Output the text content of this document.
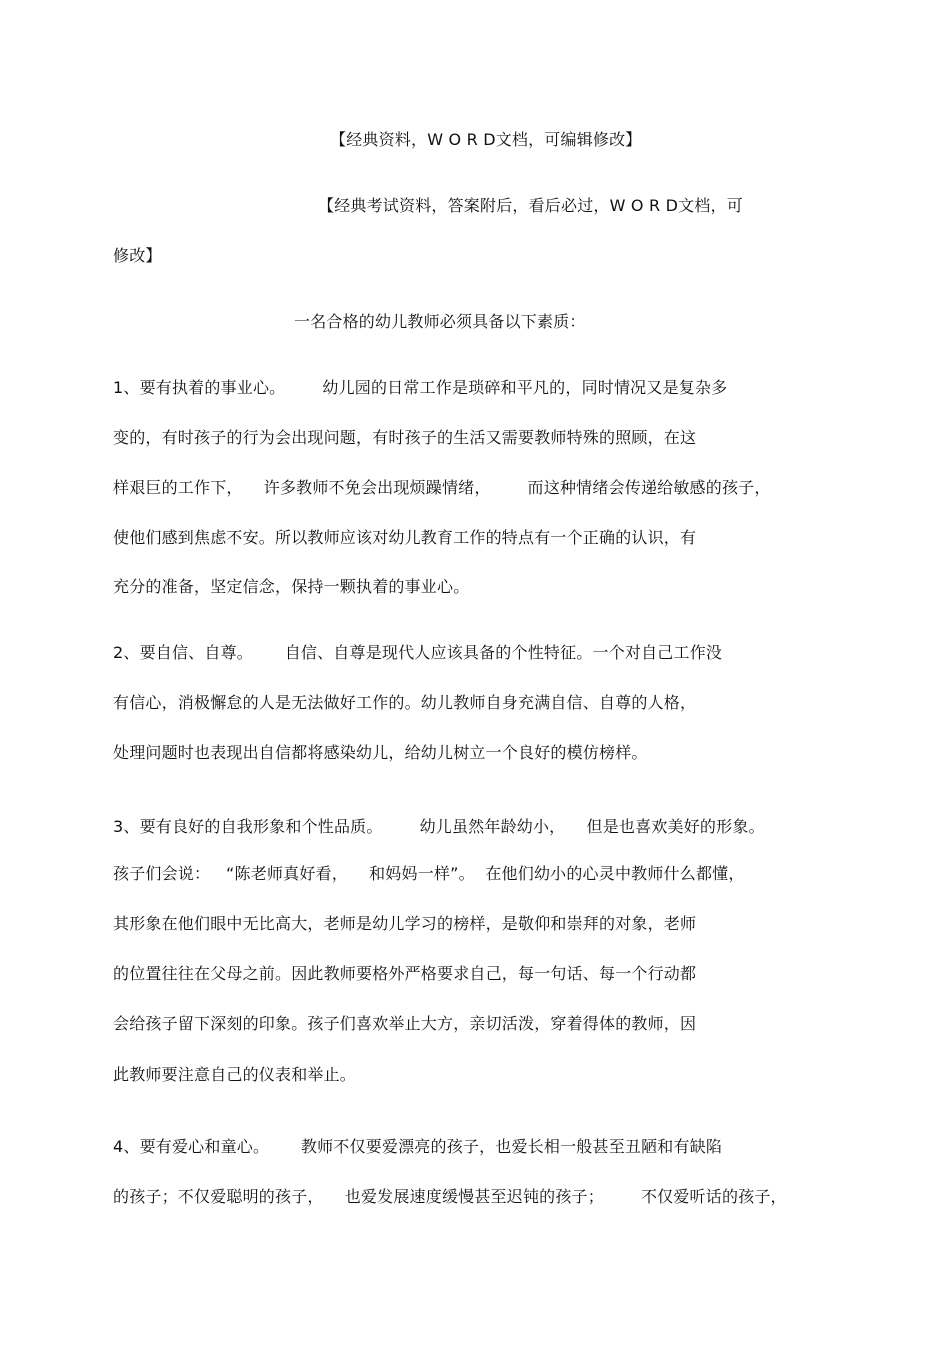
【经典资料，W O R D文档，可编辑修改】
【经典考试资料，答案附后，看后必过，W O R D文档，可
修改】
一名合格的幼儿教师必须具备以下素质：
1、要有执着的事业心。       幼儿园的日常工作是琐碎和平凡的，同时情况又是复杂多
变的，有时孩子的行为会出现问题，有时孩子的生活又需要教师特殊的照顾，在这
样艰巨的工作下，    许多教师不免会出现烦躁情绪，       而这种情绪会传递给敏感的孩子，
使他们感到焦虑不安。所以教师应该对幼儿教育工作的特点有一个正确的认识，有
充分的准备，坚定信念，保持一颗执着的事业心。
2、要自信、自尊。      自信、自尊是现代人应该具备的个性特征。一个对自己工作没
有信心，消极懈怠的人是无法做好工作的。幼儿教师自身充满自信、自尊的人格，
处理问题时也表现出自信都将感染幼儿，给幼儿树立一个良好的模仿榜样。
3、要有良好的自我形象和个性品质。       幼儿虽然年龄幼小，    但是也喜欢美好的形象。
孩子们会说：   “陈老师真好看，    和妈妈一样”。  在他们幼小的心灵中教师什么都懂，
其形象在他们眼中无比高大，老师是幼儿学习的榜样，是敬仰和崇拜的对象，老师
的位置往往在父母之前。因此教师要格外严格要求自己，每一句话、每一个行动都
会给孩子留下深刻的印象。孩子们喜欢举止大方，亲切活泼，穿着得体的教师，因
此教师要注意自己的仪表和举止。
4、要有爱心和童心。      教师不仅要爱漂亮的孩子，也爱长相一般甚至丑陋和有缺陷
的孩子；不仅爱聪明的孩子，    也爱发展速度缓慢甚至迟钝的孩子；       不仅爱听话的孩子，
